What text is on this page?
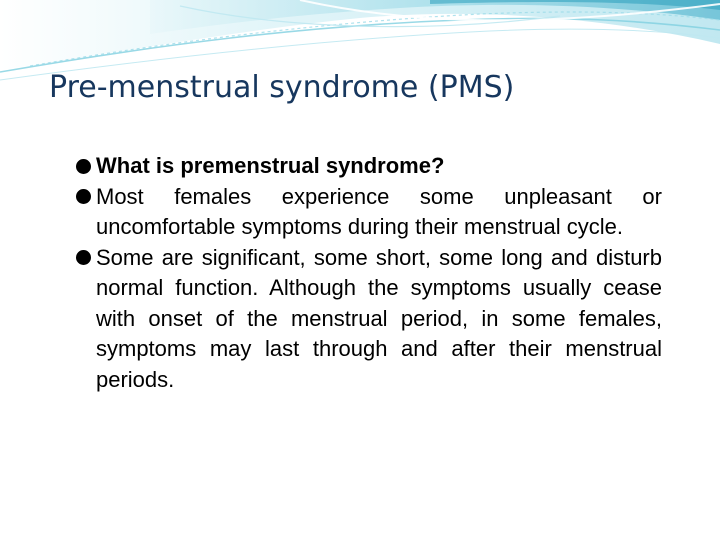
Pre-menstrual syndrome (PMS)
What is premenstrual syndrome?
Most females experience some unpleasant or uncomfortable symptoms during their menstrual cycle.
Some are significant, some short, some long and disturb normal function. Although the symptoms usually cease with onset of the menstrual period, in some females, symptoms may last through and after their menstrual periods.
